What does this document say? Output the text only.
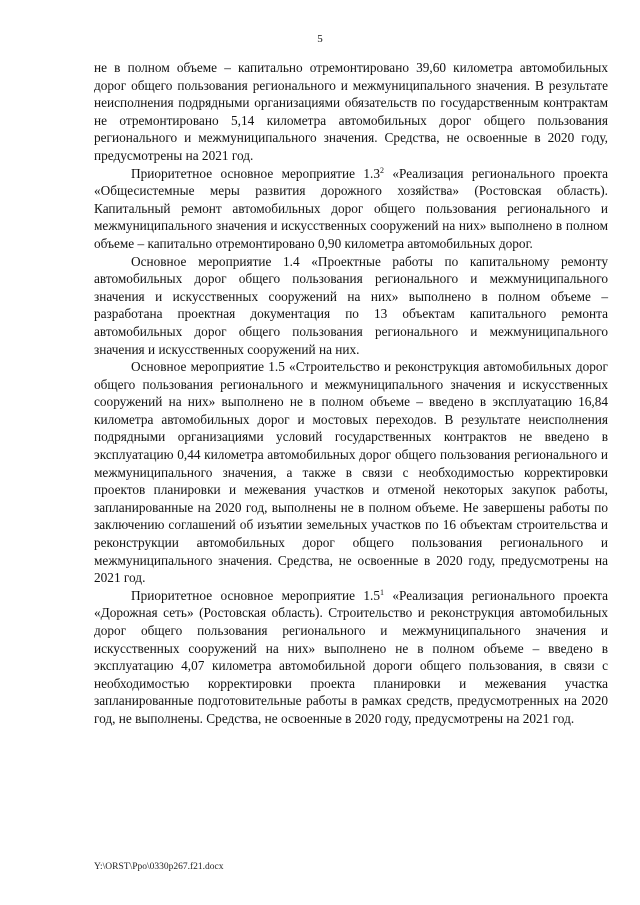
5

не в полном объеме – капитально отремонтировано 39,60 километра автомобильных дорог общего пользования регионального и межмуниципального значения. В результате неисполнения подрядными организациями обязательств по государственным контрактам не отремонтировано 5,14 километра автомобильных дорог общего пользования регионального и межмуниципального значения. Средства, не освоенные в 2020 году, предусмотрены на 2021 год.

Приоритетное основное мероприятие $1.3^2$ «Реализация регионального проекта «Общесистемные меры развития дорожного хозяйства» (Ростовская область). Капитальный ремонт автомобильных дорог общего пользования регионального и межмуниципального значения и искусственных сооружений на них» выполнено в полном объеме – капитально отремонтировано 0,90 километра автомобильных дорог.

Основное мероприятие 1.4 «Проектные работы по капитальному ремонту автомобильных дорог общего пользования регионального и межмуниципального значения и искусственных сооружений на них» выполнено в полном объеме – разработана проектная документация по 13 объектам капитального ремонта автомобильных дорог общего пользования регионального и межмуниципального значения и искусственных сооружений на них.

Основное мероприятие 1.5 «Строительство и реконструкция автомобильных дорог общего пользования регионального и межмуниципального значения и искусственных сооружений на них» выполнено не в полном объеме – введено в эксплуатацию 16,84 километра автомобильных дорог и мостовых переходов. В результате неисполнения подрядными организациями условий государственных контрактов не введено в эксплуатацию 0,44 километра автомобильных дорог общего пользования регионального и межмуниципального значения, а также в связи с необходимостью корректировки проектов планировки и межевания участков и отменой некоторых закупок работы, запланированные на 2020 год, выполнены не в полном объеме. Не завершены работы по заключению соглашений об изъятии земельных участков по 16 объектам строительства и реконструкции автомобильных дорог общего пользования регионального и межмуниципального значения. Средства, не освоенные в 2020 году, предусмотрены на 2021 год.

Приоритетное основное мероприятие $1.5^1$ «Реализация регионального проекта «Дорожная сеть» (Ростовская область). Строительство и реконструкция автомобильных дорог общего пользования регионального и межмуниципального значения и искусственных сооружений на них» выполнено не в полном объеме – введено в эксплуатацию 4,07 километра автомобильной дороги общего пользования, в связи с необходимостью корректировки проекта планировки и межевания участка запланированные подготовительные работы в рамках средств, предусмотренных на 2020 год, не выполнены. Средства, не освоенные в 2020 году, предусмотрены на 2021 год.

Y:\ORST\Ppo\0330p267.f21.docx
